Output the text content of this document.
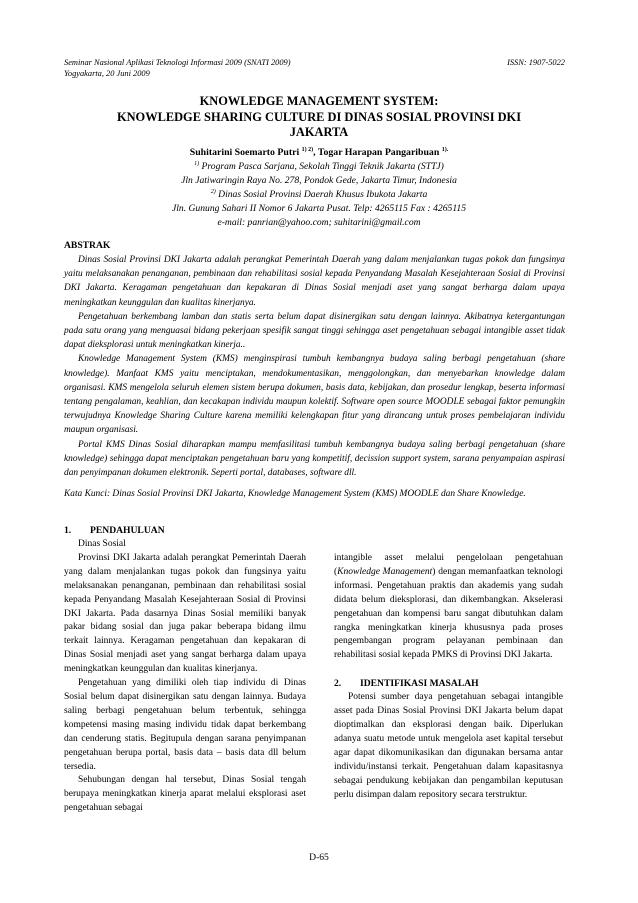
Seminar Nasional Aplikasi Teknologi Informasi 2009 (SNATI 2009)
Yogyakarta, 20 Juni 2009
ISSN: 1907-5022
KNOWLEDGE MANAGEMENT SYSTEM:
KNOWLEDGE SHARING CULTURE DI DINAS SOSIAL PROVINSI DKI
JAKARTA
Suhitarini Soemarto Putri $^{1) 2)}$, Togar Harapan Pangaribuan $^{1).}$
$^{1)}$ Program Pasca Sarjana, Sekolah Tinggi Teknik Jakarta (STTJ)
Jln Jatiwaringin Raya No. 278, Pondok Gede, Jakarta Timur, Indonesia
$^{2)}$ Dinas Sosial Provinsi Daerah Khusus Ibukota Jakarta
Jln. Gunung Sahari II Nomor 6 Jakarta Pusat. Telp: 4265115 Fax : 4265115
e-mail: panrian@yahoo.com; suhitarini@gmail.com
ABSTRAK

Dinas Sosial Provinsi DKI Jakarta adalah perangkat Pemerintah Daerah yang dalam menjalankan tugas pokok dan fungsinya yaitu melaksanakan penanganan, pembinaan dan rehabilitasi sosial kepada Penyandang Masalah Kesejahteraan Sosial di Provinsi DKI Jakarta. Keragaman pengetahuan dan kepakaran di Dinas Sosial menjadi aset yang sangat berharga dalam upaya meningkatkan keunggulan dan kualitas kinerjanya.

Pengetahuan berkembang lamban dan statis serta belum dapat disinergikan satu dengan lainnya. Akibatnya ketergantungan pada satu orang yang menguasai bidang pekerjaan spesifik sangat tinggi sehingga aset pengetahuan sebagai intangible asset tidak dapat dieksplorasi untuk meningkatkan kinerja..

Knowledge Management System (KMS) menginspirasi tumbuh kembangnya budaya saling berbagi pengetahuan (share knowledge). Manfaat KMS yaitu menciptakan, mendokumentasikan, menggolongkan, dan menyebarkan knowledge dalam organisasi. KMS mengelola seluruh elemen sistem berupa dokumen, basis data, kebijakan, dan prosedur lengkap, beserta informasi tentang pengalaman, keahlian, dan kecakapan individu maupun kolektif. Software open source MOODLE sebagai faktor pemungkin terwujudnya Knowledge Sharing Culture karena memiliki kelengkapan fitur yang dirancang untuk proses pembelajaran individu maupun organisasi.

Portal KMS Dinas Sosial diharapkan mampu memfasilitasi tumbuh kembangnya budaya saling berbagi pengetahuan (share knowledge) sehingga dapat menciptakan pengetahuan baru yang kompetitif, decission support system, sarana penyampaian aspirasi dan penyimpanan dokumen elektronik. Seperti portal, databases, software dll.

Kata Kunci: Dinas Sosial Provinsi DKI Jakarta, Knowledge Management System (KMS) MOODLE dan Share Knowledge.
1. PENDAHULUAN
Dinas Sosial

Provinsi DKI Jakarta adalah perangkat Pemerintah Daerah yang dalam menjalankan tugas pokok dan fungsinya yaitu melaksanakan penanganan, pembinaan dan rehabilitasi sosial kepada Penyandang Masalah Kesejahteraan Sosial di Provinsi DKI Jakarta. Pada dasarnya Dinas Sosial memiliki banyak pakar bidang sosial dan juga pakar beberapa bidang ilmu terkait lainnya. Keragaman pengetahuan dan kepakaran di Dinas Sosial menjadi aset yang sangat berharga dalam upaya meningkatkan keunggulan dan kualitas kinerjanya.

Pengetahuan yang dimiliki oleh tiap individu di Dinas Sosial belum dapat disinergikan satu dengan lainnya. Budaya saling berbagi pengetahuan belum terbentuk, sehingga kompetensi masing masing individu tidak dapat berkembang dan cenderung statis. Begitupula dengan sarana penyimpanan pengetahuan berupa portal, basis data – basis data dll belum tersedia.

Sehubungan dengan hal tersebut, Dinas Sosial tengah berupaya meningkatkan kinerja aparat melalui eksplorasi aset pengetahuan sebagai

intangible asset melalui pengelolaan pengetahuan (Knowledge Management) dengan memanfaatkan teknologi informasi. Pengetahuan praktis dan akademis yang sudah didata belum dieksplorasi, dan dikembangkan. Akselerasi pengetahuan dan kompensi baru sangat dibutuhkan dalam rangka meningkatkan kinerja khususnya pada proses pengembangan program pelayanan pembinaan dan rehabilitasi sosial kepada PMKS di Provinsi DKI Jakarta.

2. IDENTIFIKASI MASALAH

Potensi sumber daya pengetahuan sebagai intangible asset pada Dinas Sosial Provinsi DKI Jakarta belum dapat dioptimalkan dan eksplorasi dengan baik. Diperlukan adanya suatu metode untuk mengelola aset kapital tersebut agar dapat dikomunikasikan dan digunakan bersama antar individu/instansi terkait. Pengetahuan dalam kapasitasnya sebagai pendukung kebijakan dan pengambilan keputusan perlu disimpan dalam repository secara terstruktur.

D-65
